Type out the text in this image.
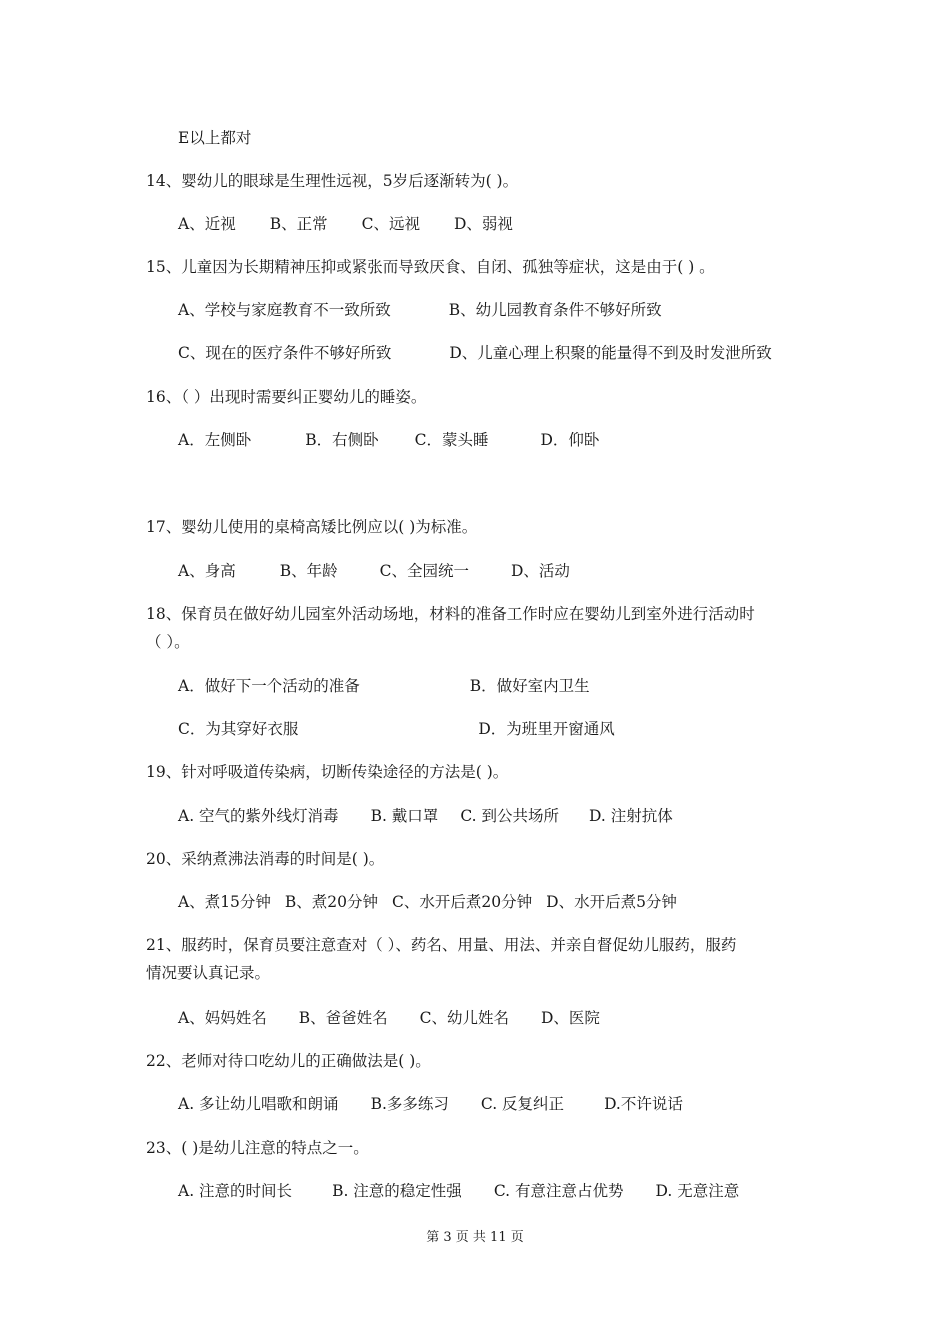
E以上都对
14、婴幼儿的眼球是生理性远视，5岁后逐渐转为( )。
A、近视 B、正常 C、远视 D、弱视
15、儿童因为长期精神压抑或紧张而导致厌食、自闭、孤独等症状，这是由于( ) 。
A、学校与家庭教育不一致所致	B、幼儿园教育条件不够好所致
C、现在的医疗条件不够好所致	D、儿童心理上积聚的能量得不到及时发泄所致
16、（ ）出现时需要纠正婴幼儿的睡姿。
A．左侧卧	B．右侧卧 C．蒙头睡	D．仰卧
17、婴幼儿使用的桌椅高矮比例应以( )为标准。
A、身高	B、年龄	C、全园统一	D、活动
18、保育员在做好幼儿园室外活动场地，材料的准备工作时应在婴幼儿到室外进行活动时
（ ）。
A．做好下一个活动的准备	B．做好室内卫生
C．为其穿好衣服	D．为班里开窗通风
19、针对呼吸道传染病，切断传染途径的方法是( )。
A. 空气的紫外线灯消毒 B. 戴口罩 C. 到公共场所 D. 注射抗体
20、采纳煮沸法消毒的时间是( )。
A、煮15分钟 B、煮20分钟 C、水开后煮20分钟 D、水开后煮5分钟
21、服药时，保育员要注意查对（ ）、药名、用量、用法、并亲自督促幼儿服药，服药
情况要认真记录。
A、妈妈姓名 B、爸爸姓名 C、幼儿姓名 D、医院
22、老师对待口吃幼儿的正确做法是( )。
A. 多让幼儿唱歌和朗诵 B.多多练习 C. 反复纠正	D.不许说话
23、( )是幼儿注意的特点之一。
A. 注意的时间长	B. 注意的稳定性强 C. 有意注意占优势 D. 无意注意
第 3 页 共 11 页
